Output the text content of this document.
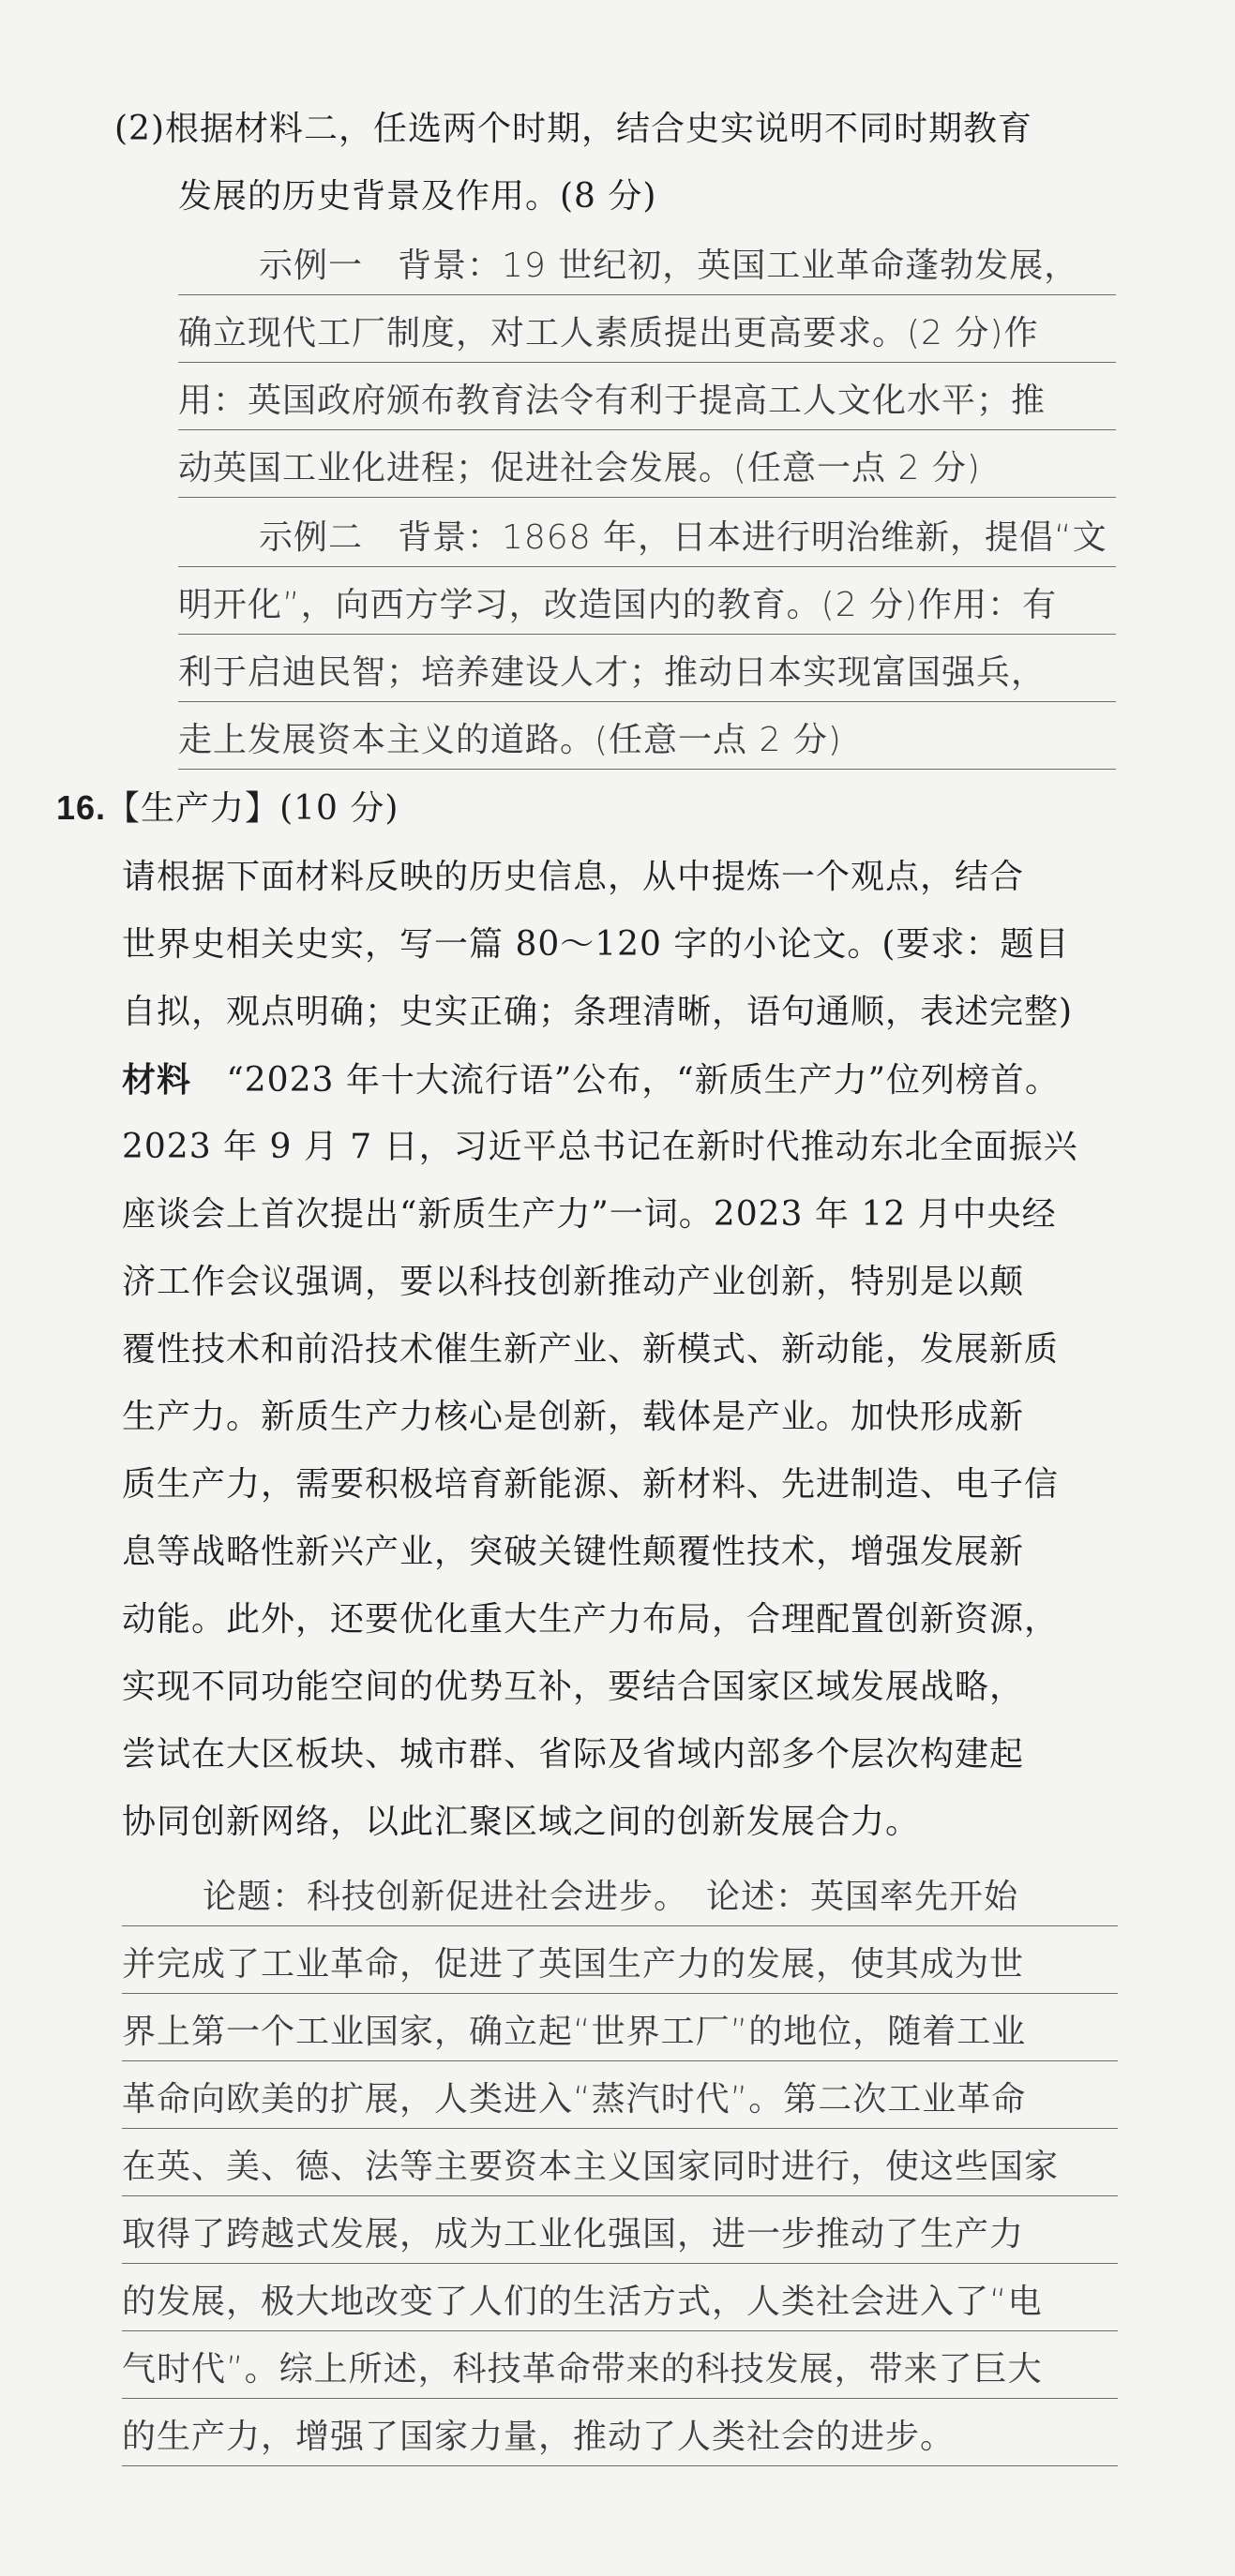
(2)根据材料二，任选两个时期，结合史实说明不同时期教育
发展的历史背景及作用。(8 分)
示例一　背景：19 世纪初，英国工业革命蓬勃发展，
确立现代工厂制度，对工人素质提出更高要求。(2 分)作
用：英国政府颁布教育法令有利于提高工人文化水平；推
动英国工业化进程；促进社会发展。(任意一点 2 分)
示例二　背景：1868 年，日本进行明治维新，提倡“文
明开化”，向西方学习，改造国内的教育。(2 分)作用：有
利于启迪民智；培养建设人才；推动日本实现富国强兵，
走上发展资本主义的道路。(任意一点 2 分)
16.【生产力】(10 分)
请根据下面材料反映的历史信息，从中提炼一个观点，结合
世界史相关史实，写一篇 80～120 字的小论文。(要求：题目
自拟，观点明确；史实正确；条理清晰，语句通顺，表述完整)
材料 “2023 年十大流行语”公布，“新质生产力”位列榜首。
2023 年 9 月 7 日，习近平总书记在新时代推动东北全面振兴
座谈会上首次提出“新质生产力”一词。2023 年 12 月中央经
济工作会议强调，要以科技创新推动产业创新，特别是以颠
覆性技术和前沿技术催生新产业、新模式、新动能，发展新质
生产力。新质生产力核心是创新，载体是产业。加快形成新
质生产力，需要积极培育新能源、新材料、先进制造、电子信
息等战略性新兴产业，突破关键性颠覆性技术，增强发展新
动能。此外，还要优化重大生产力布局，合理配置创新资源，
实现不同功能空间的优势互补，要结合国家区域发展战略，
尝试在大区板块、城市群、省际及省域内部多个层次构建起
协同创新网络，以此汇聚区域之间的创新发展合力。
论题：科技创新促进社会进步。　论述：英国率先开始
并完成了工业革命，促进了英国生产力的发展，使其成为世
界上第一个工业国家，确立起“世界工厂”的地位，随着工业
革命向欧美的扩展，人类进入“蒸汽时代”。第二次工业革命
在英、美、德、法等主要资本主义国家同时进行，使这些国家
取得了跨越式发展，成为工业化强国，进一步推动了生产力
的发展，极大地改变了人们的生活方式，人类社会进入了“电
气时代”。综上所述，科技革命带来的科技发展，带来了巨大
的生产力，增强了国家力量，推动了人类社会的进步。
